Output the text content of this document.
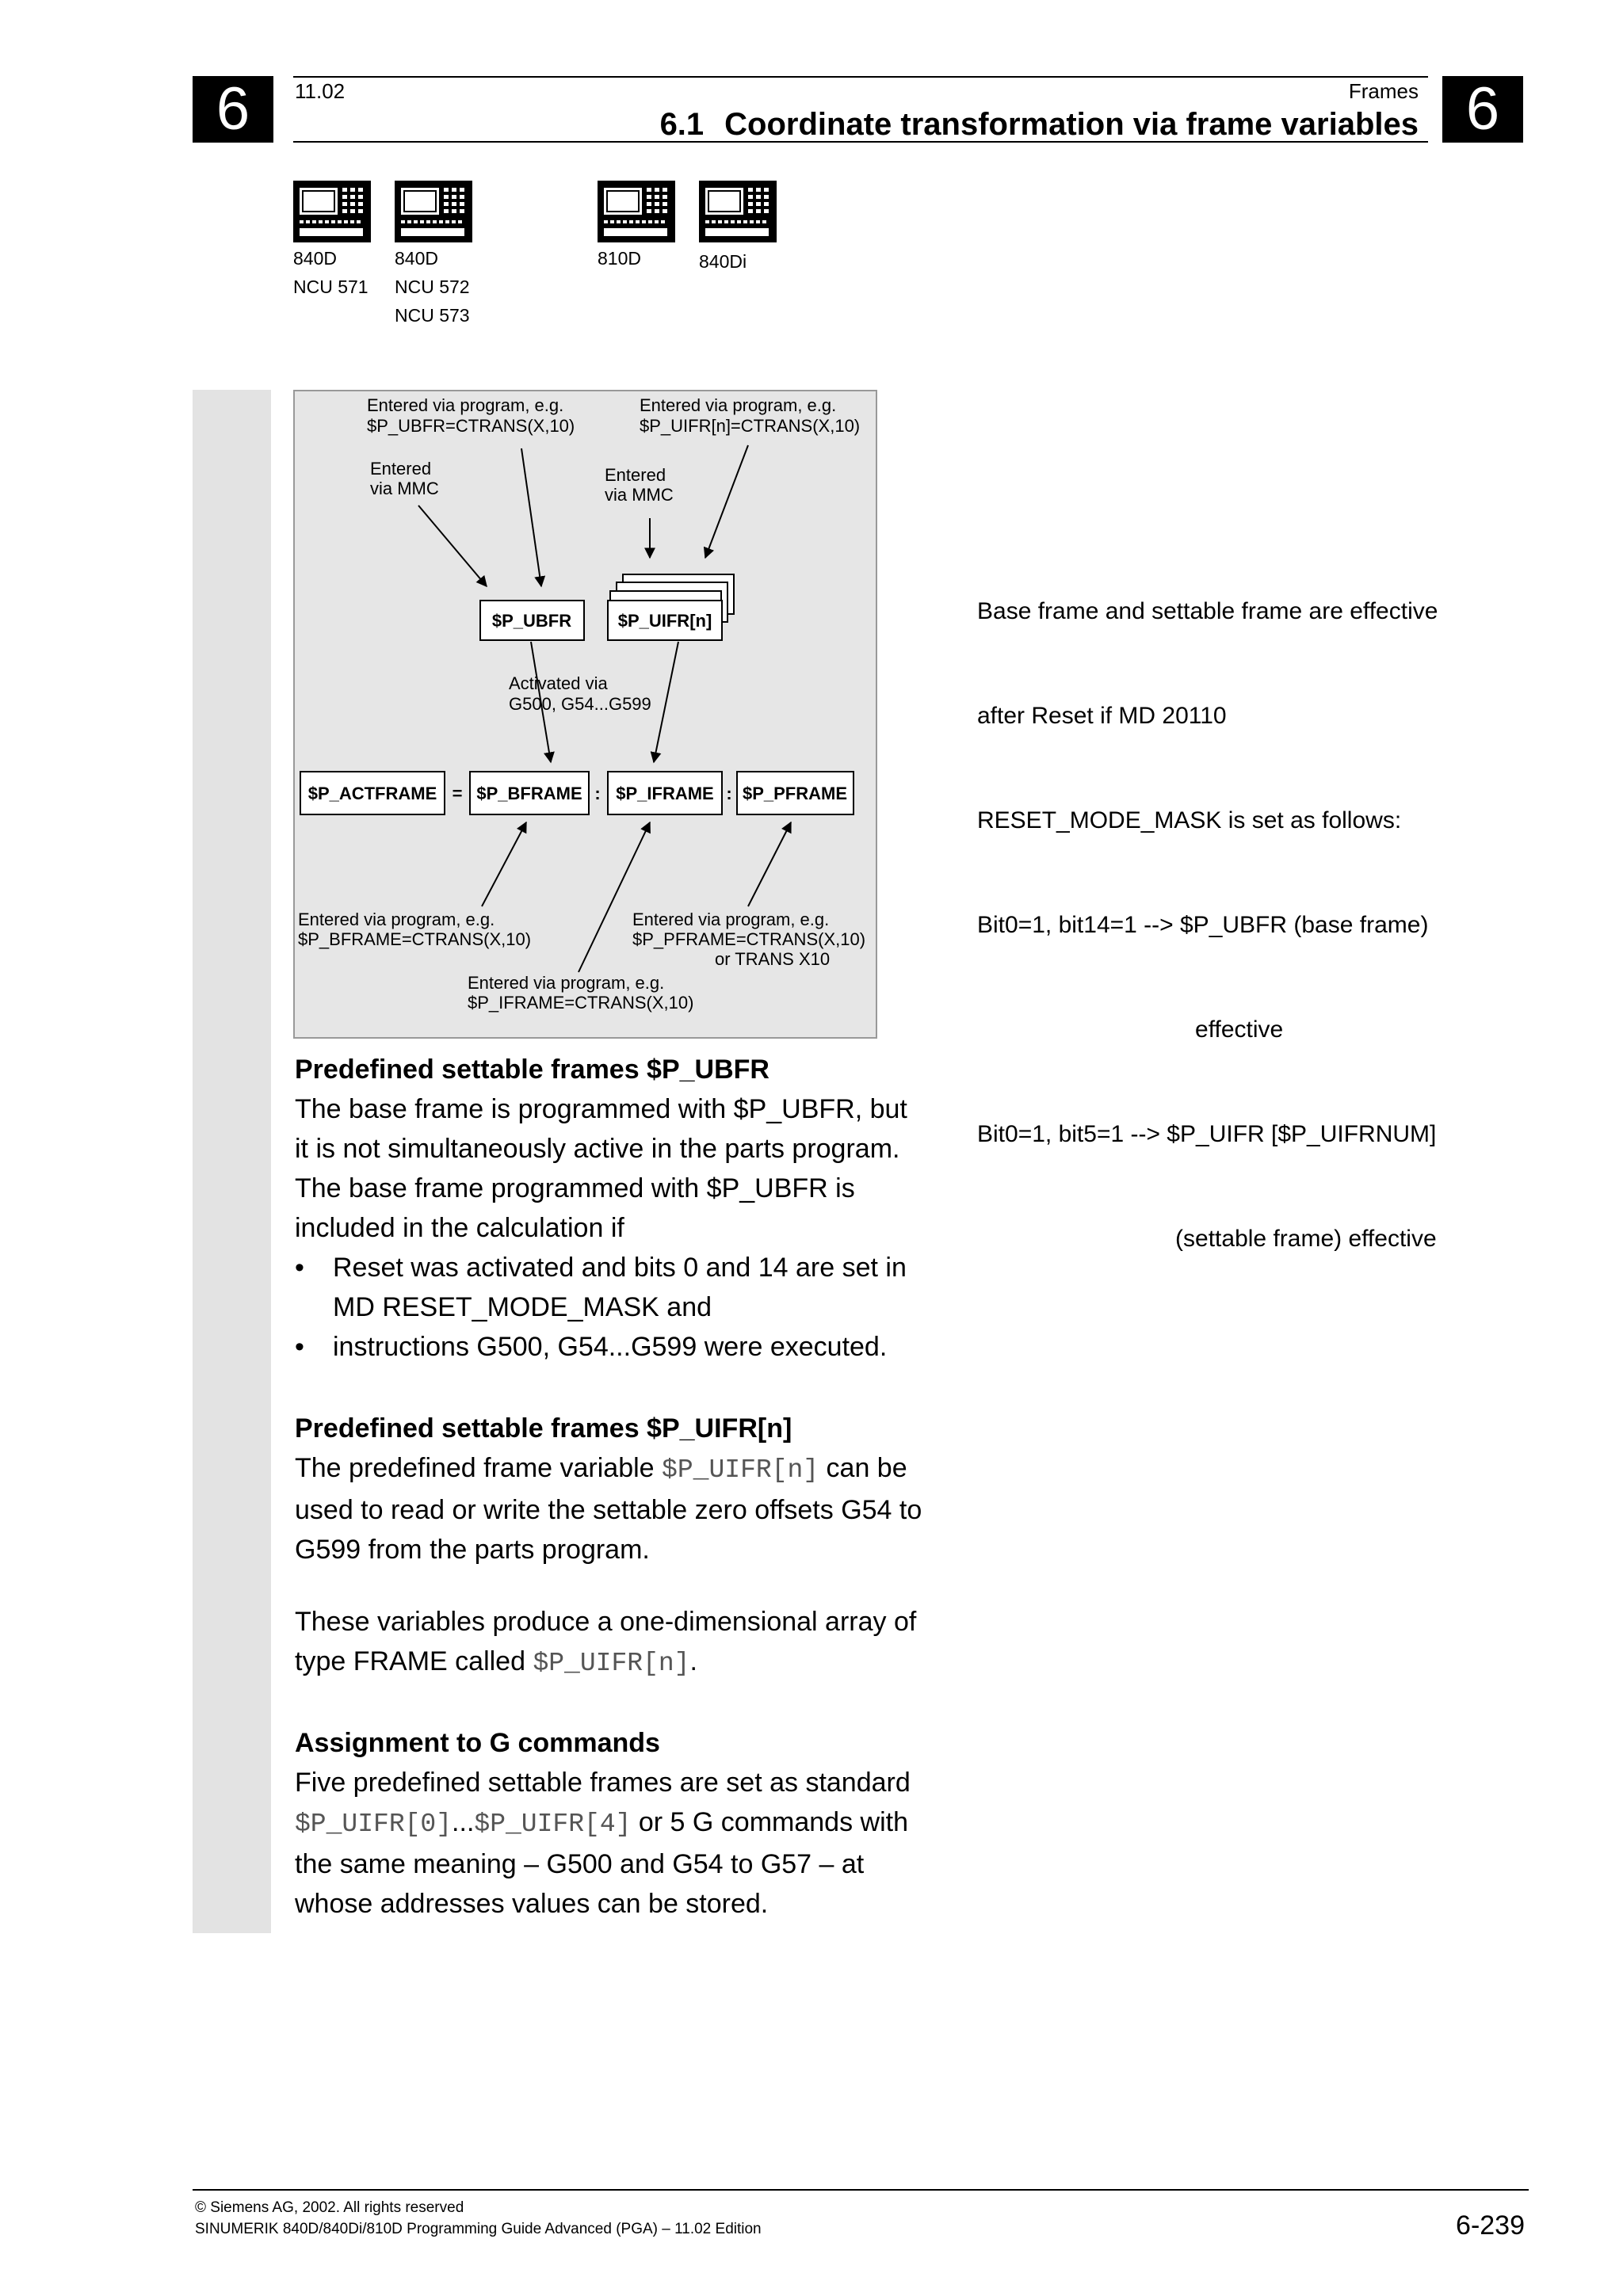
6	6
11.02	Frames
6.1 Coordinate transformation via frame variables
840D
NCU 571
840D
NCU 572
NCU 573
810D	840Di
Entered via program, e.g.
$P_UBFR=CTRANS(X,10)
Entered via program, e.g.
$P_UIFR[n]=CTRANS(X,10)
Entered
via MMC
Entered
via MMC
Activated via
G500, G54...G599
Entered via program, e.g.
$P_BFRAME=CTRANS(X,10)
Entered via program, e.g.
$P_PFRAME=CTRANS(X,10)
or TRANS X10
Entered via program, e.g.
$P_IFRAME=CTRANS(X,10)
$P_UBFR	$P_UIFR[n]
$P_ACTFRAME = $P_BFRAME : $P_IFRAME : $P_PFRAME

Base frame and settable frame are effective

after Reset if MD 20110

RESET_MODE_MASK is set as follows:

Bit0=1, bit14=1 --> $P_UBFR (base frame)

effective

Bit0=1, bit5=1 --> $P_UIFR [$P_UIFRNUM]

(settable frame) effective

Predefined settable frames $P_UBFR

The base frame is programmed with $P_UBFR, but

it is not simultaneously active in the parts program.

The base frame programmed with $P_UBFR is

included in the calculation if

• Reset was activated and bits 0 and 14 are set in

MD RESET_MODE_MASK and

• instructions G500, G54...G599 were executed.

Predefined settable frames $P_UIFR[n]

The predefined frame variable $P_UIFR[n] can be

used to read or write the settable zero offsets G54 to

G599 from the parts program.

These variables produce a one-dimensional array of

type FRAME called $P_UIFR[n].

Assignment to G commands

Five predefined settable frames are set as standard

$P_UIFR[0]...$P_UIFR[4] or 5 G commands with

the same meaning – G500 and G54 to G57 – at

whose addresses values can be stored.

© Siemens AG, 2002. All rights reserved
SINUMERIK 840D/840Di/810D Programming Guide Advanced (PGA) – 11.02 Edition	6-239
